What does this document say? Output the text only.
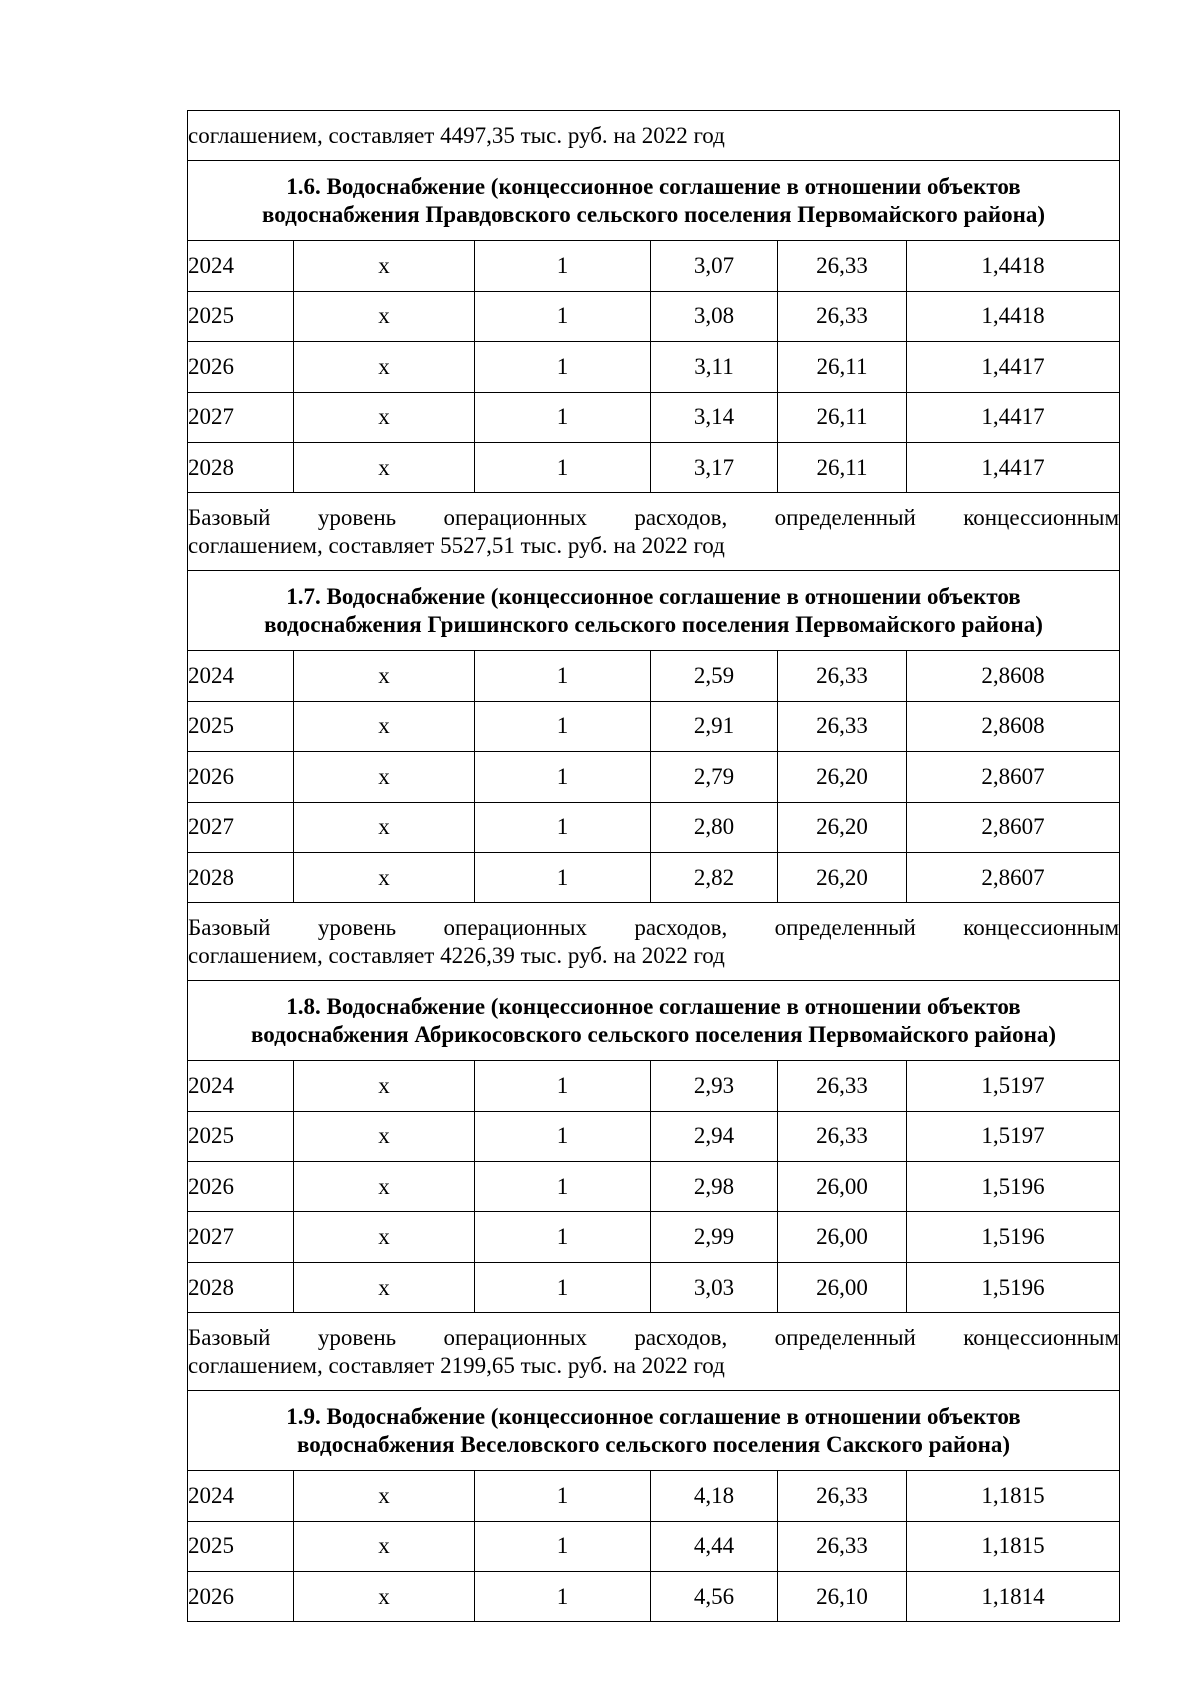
соглашением, составляет 4497,35 тыс. руб. на 2022 год					

1.6. Водоснабжение (концессионное соглашение в отношении объектов
водоснабжения Правдовского сельского поселения Первомайского района)					

2024	х	1	3,07	26,33	1,4418
2025	х	1	3,08	26,33	1,4418
2026	х	1	3,11	26,11	1,4417
2027	х	1	3,14	26,11	1,4417
2028	х	1	3,17	26,11	1,4417

Базовый уровень операционных расходов, определенный концессионным
соглашением, составляет 5527,51 тыс. руб. на 2022 год					

1.7. Водоснабжение (концессионное соглашение в отношении объектов
водоснабжения Гришинского сельского поселения Первомайского района)					

2024	х	1	2,59	26,33	2,8608
2025	х	1	2,91	26,33	2,8608
2026	х	1	2,79	26,20	2,8607
2027	х	1	2,80	26,20	2,8607
2028	х	1	2,82	26,20	2,8607

Базовый уровень операционных расходов, определенный концессионным
соглашением, составляет 4226,39 тыс. руб. на 2022 год					

1.8. Водоснабжение (концессионное соглашение в отношении объектов
водоснабжения Абрикосовского сельского поселения Первомайского района)					

2024	х	1	2,93	26,33	1,5197
2025	х	1	2,94	26,33	1,5197
2026	х	1	2,98	26,00	1,5196
2027	х	1	2,99	26,00	1,5196
2028	х	1	3,03	26,00	1,5196

Базовый уровень операционных расходов, определенный концессионным
соглашением, составляет 2199,65 тыс. руб. на 2022 год					

1.9. Водоснабжение (концессионное соглашение в отношении объектов
водоснабжения Веселовского сельского поселения Сакского района)					

2024	х	1	4,18	26,33	1,1815
2025	х	1	4,44	26,33	1,1815
2026	х	1	4,56	26,10	1,1814
